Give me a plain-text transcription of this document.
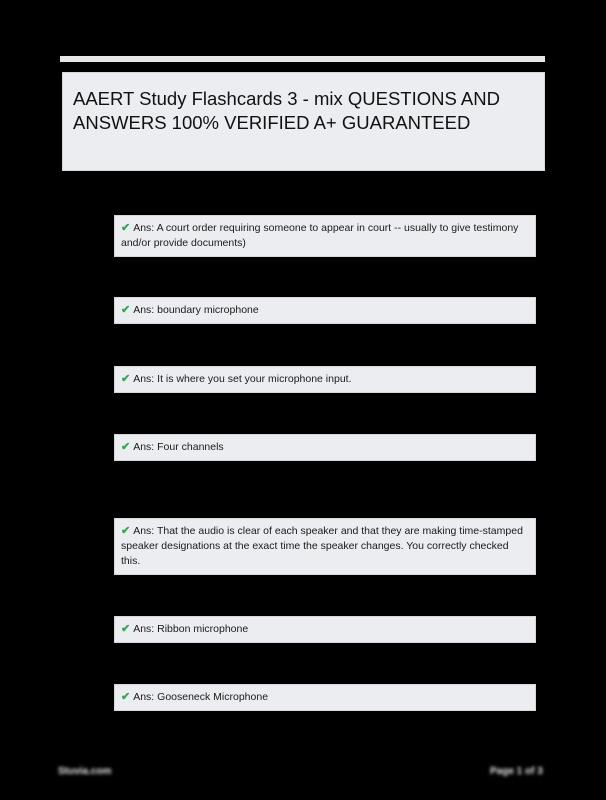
AAERT Study Flashcards 3 - mix QUESTIONS AND ANSWERS 100% VERIFIED A+ GUARANTEED
✔ Ans: A court order requiring someone to appear in court -- usually to give testimony and/or provide documents)
✔ Ans: boundary microphone
✔ Ans: It is where you set your microphone input.
✔ Ans: Four channels
✔ Ans: That the audio is clear of each speaker and that they are making time-stamped speaker designations at the exact time the speaker changes. You correctly checked this.
✔ Ans: Ribbon microphone
✔ Ans: Gooseneck Microphone
Stuvia.com	Page 1 of 3
